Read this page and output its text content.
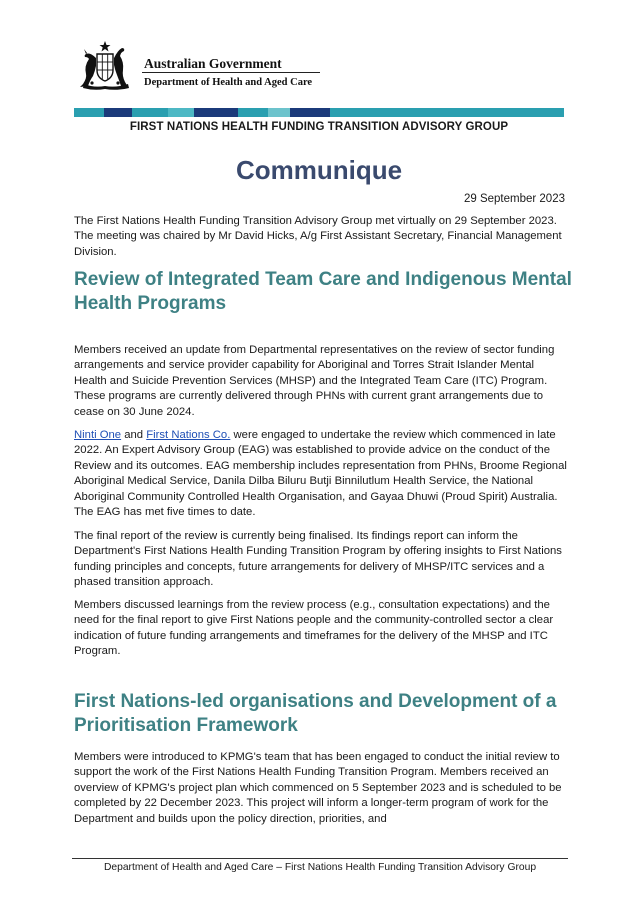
Australian Government
Department of Health and Aged Care
FIRST NATIONS HEALTH FUNDING TRANSITION ADVISORY GROUP
Communique
29 September 2023

The First Nations Health Funding Transition Advisory Group met virtually on 29 September 2023. The meeting was chaired by Mr David Hicks, A/g First Assistant Secretary, Financial Management Division.

Review of Integrated Team Care and Indigenous Mental Health Programs

Members received an update from Departmental representatives on the review of sector funding arrangements and service provider capability for Aboriginal and Torres Strait Islander Mental Health and Suicide Prevention Services (MHSP) and the Integrated Team Care (ITC) Program. These programs are currently delivered through PHNs with current grant arrangements due to cease on 30 June 2024.

Ninti One and First Nations Co. were engaged to undertake the review which commenced in late 2022. An Expert Advisory Group (EAG) was established to provide advice on the conduct of the Review and its outcomes. EAG membership includes representation from PHNs, Broome Regional Aboriginal Medical Service, Danila Dilba Biluru Butji Binnilutlum Health Service, the National Aboriginal Community Controlled Health Organisation, and Gayaa Dhuwi (Proud Spirit) Australia. The EAG has met five times to date.

The final report of the review is currently being finalised. Its findings report can inform the Department's First Nations Health Funding Transition Program by offering insights to First Nations funding principles and concepts, future arrangements for delivery of MHSP/ITC services and a phased transition approach.

Members discussed learnings from the review process (e.g., consultation expectations) and the need for the final report to give First Nations people and the community-controlled sector a clear indication of future funding arrangements and timeframes for the delivery of the MHSP and ITC Program.

First Nations-led organisations and Development of a Prioritisation Framework

Members were introduced to KPMG's team that has been engaged to conduct the initial review to support the work of the First Nations Health Funding Transition Program. Members received an overview of KPMG's project plan which commenced on 5 September 2023 and is scheduled to be completed by 22 December 2023. This project will inform a longer-term program of work for the Department and builds upon the policy direction, priorities, and

Department of Health and Aged Care – First Nations Health Funding Transition Advisory Group
